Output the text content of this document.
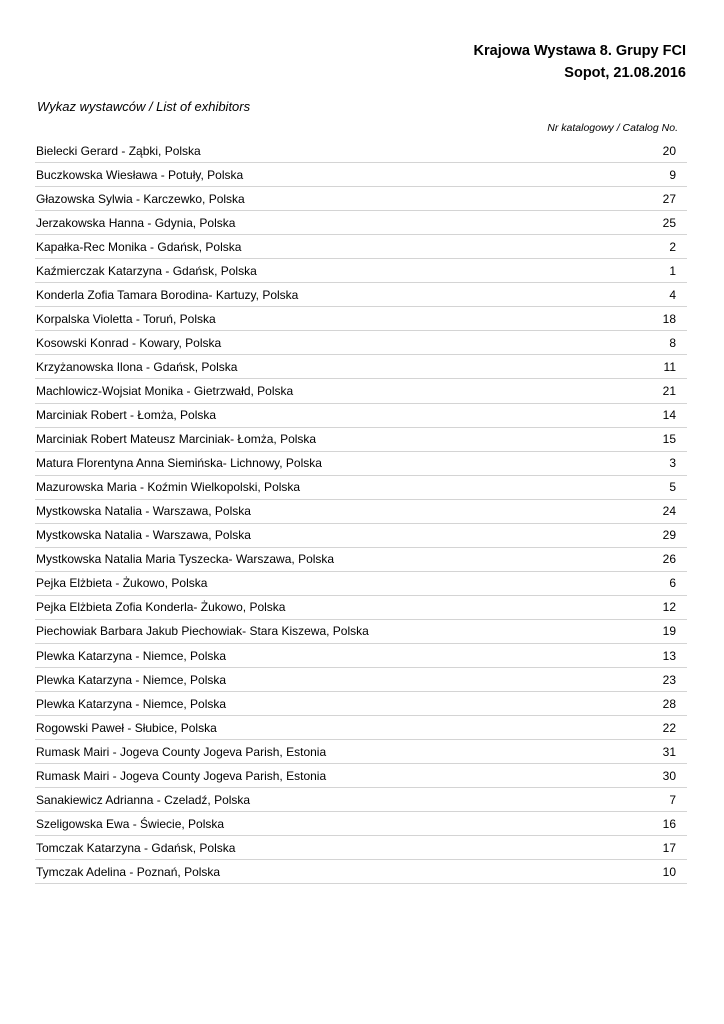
Krajowa Wystawa 8. Grupy FCI
Sopot, 21.08.2016
Wykaz wystawców / List of exhibitors
Nr katalogowy / Catalog No.
Bielecki Gerard - Ząbki, Polska	20
Buczkowska Wiesława - Potuły, Polska	9
Głazowska Sylwia - Karczewko, Polska	27
Jerzakowska Hanna - Gdynia, Polska	25
Kapałka-Rec Monika - Gdańsk, Polska	2
Kaźmierczak Katarzyna - Gdańsk, Polska	1
Konderla Zofia Tamara Borodina- Kartuzy, Polska	4
Korpalska Violetta - Toruń, Polska	18
Kosowski Konrad - Kowary, Polska	8
Krzyżanowska Ilona - Gdańsk, Polska	11
Machlowicz-Wojsiat Monika - Gietrzwałd, Polska	21
Marciniak Robert - Łomża, Polska	14
Marciniak Robert Mateusz Marciniak- Łomża, Polska	15
Matura Florentyna Anna Siemińska- Lichnowy, Polska	3
Mazurowska Maria - Koźmin Wielkopolski, Polska	5
Mystkowska Natalia - Warszawa, Polska	24
Mystkowska Natalia - Warszawa, Polska	29
Mystkowska Natalia Maria Tyszecka- Warszawa, Polska	26
Pejka Elżbieta - Żukowo, Polska	6
Pejka Elżbieta Zofia Konderla- Żukowo, Polska	12
Piechowiak Barbara Jakub Piechowiak- Stara Kiszewa, Polska	19
Plewka Katarzyna - Niemce, Polska	13
Plewka Katarzyna - Niemce, Polska	23
Plewka Katarzyna - Niemce, Polska	28
Rogowski Paweł - Słubice, Polska	22
Rumask Mairi - Jogeva County Jogeva Parish, Estonia	31
Rumask Mairi - Jogeva County Jogeva Parish, Estonia	30
Sanakiewicz Adrianna - Czeladź, Polska	7
Szeligowska Ewa - Świecie, Polska	16
Tomczak Katarzyna - Gdańsk, Polska	17
Tymczak Adelina - Poznań, Polska	10
